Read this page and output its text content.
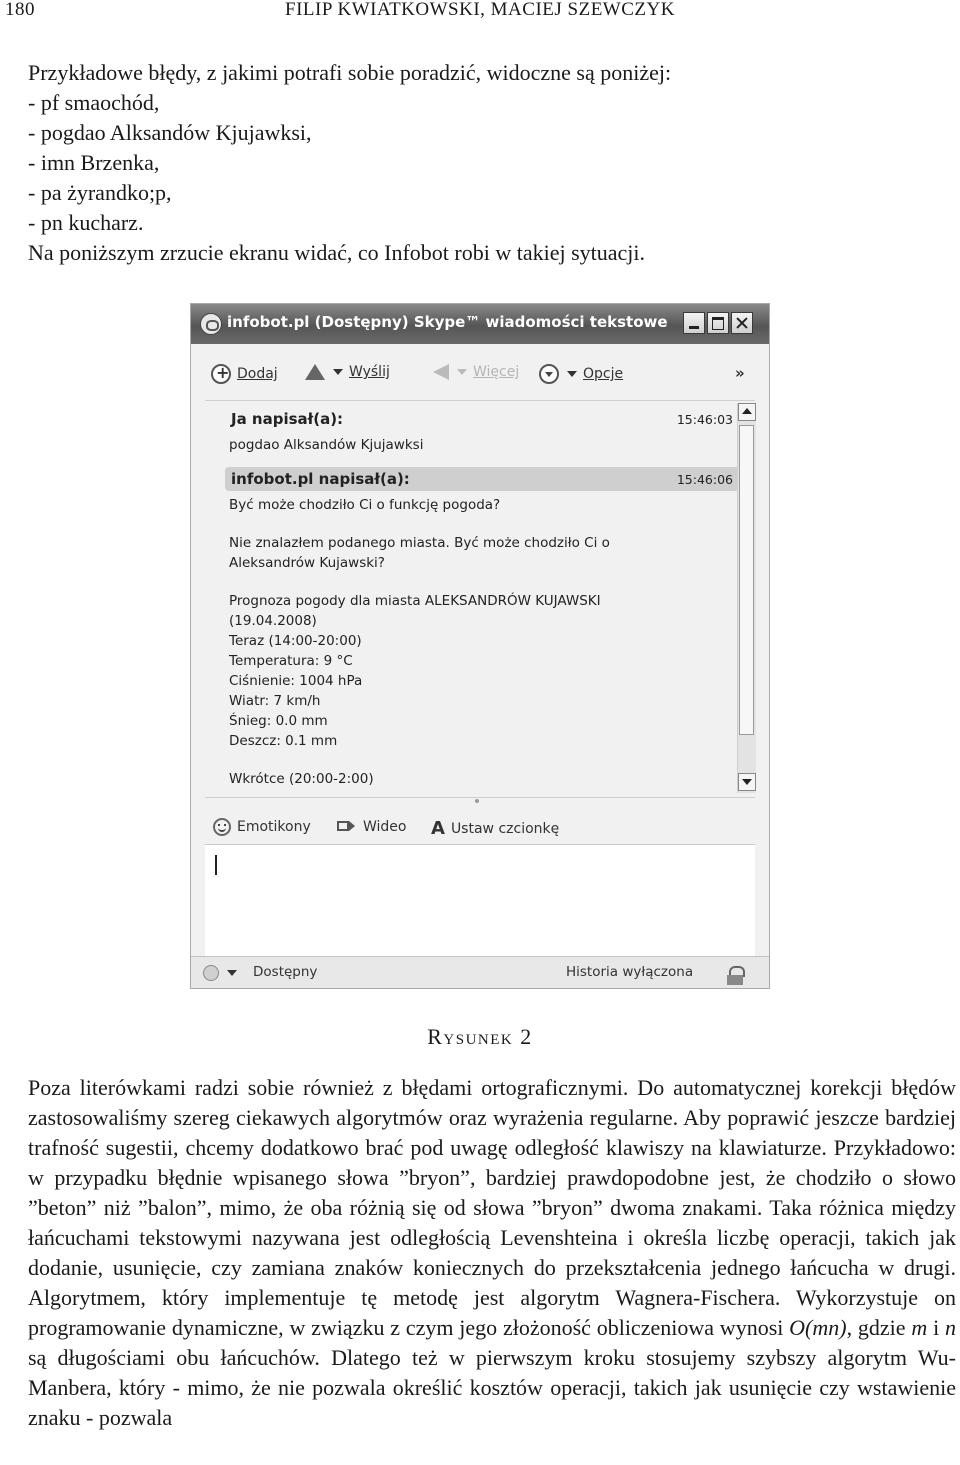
FILIP KWIATKOWSKI, MACIEJ SZEWCZYK
180

Przykładowe błędy, z jakimi potrafi sobie poradzić, widoczne są poniżej:

- pf smaochód,
- pogdao Alksandów Kjujawksi,
- imn Brzenka,
- pa żyrandko;p,
- pn kucharz.

Na poniższym zrzucie ekranu widać, co Infobot robi w takiej sytuacji.

infobot.pl (Dostępny) Skype™ wiadomości tekstowe
+
Dodaj	Wyślij	Więcej	Opcje	»
Ja napisał(a):	15:46:03

pogdao Alksandów Kjujawksi

infobot.pl napisał(a):	15:46:06

Być może chodziło Ci o funkcję pogoda?

Nie znalazłem podanego miasta. Być może chodziło Ci o

Aleksandrów Kujawski?

Prognoza pogody dla miasta ALEKSANDRÓW KUJAWSKI

(19.04.2008)

Teraz (14:00-20:00)

Temperatura: 9 °C

Ciśnienie: 1004 hPa

Wiatr: 7 km/h

Śnieg: 0.0 mm

Deszcz: 0.1 mm

Wkrótce (20:00-2:00)

Emotikony	Wideo A Ustaw czcionkę
Dostępny	Historia wyłączona
Rysunek 2

Poza literówkami radzi sobie również z błędami ortograficznymi. Do automatycznej korekcji błędów zastosowaliśmy szereg ciekawych algorytmów oraz wyrażenia regularne. Aby poprawić jeszcze bardziej trafność sugestii, chcemy dodatkowo brać pod uwagę odległość klawiszy na klawiaturze. Przykładowo: w przypadku błędnie wpisanego słowa ”bryon”, bardziej prawdopodobne jest, że chodziło o słowo ”beton” niż ”balon”, mimo, że oba różnią się od słowa ”bryon” dwoma znakami. Taka różnica między łańcuchami tekstowymi nazywana jest odległością Levenshteina i określa liczbę operacji, takich jak dodanie, usunięcie, czy zamiana znaków koniecznych do przekształcenia jednego łańcucha w drugi. Algorytmem, który implementuje tę metodę jest algorytm Wagnera-Fischera. Wykorzystuje on programowanie dynamiczne, w związku z czym jego złożoność obliczeniowa wynosi O(mn), gdzie m i n są długościami obu łańcuchów. Dlatego też w pierwszym kroku stosujemy szybszy algorytm Wu-Manbera, który - mimo, że nie pozwala określić kosztów operacji, takich jak usunięcie czy wstawienie znaku - pozwala
